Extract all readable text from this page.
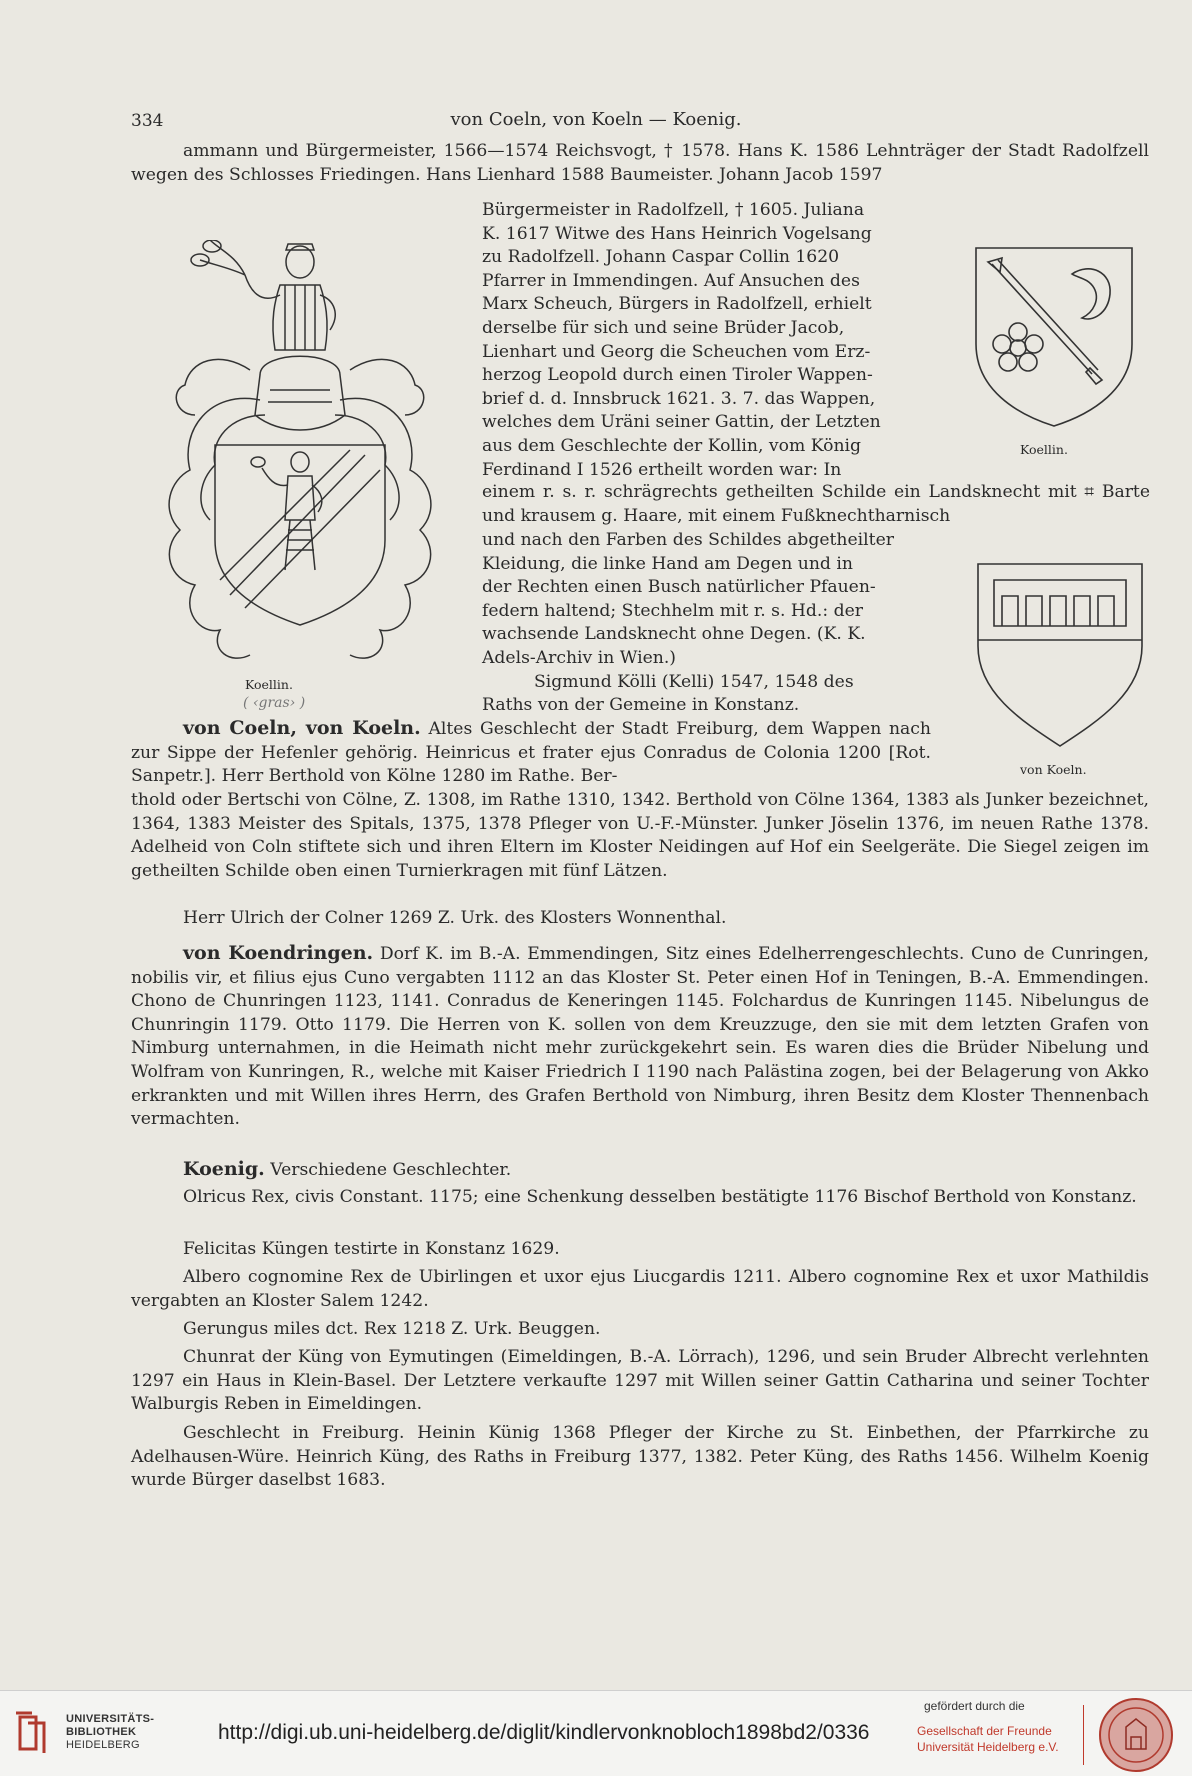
334	von Coeln, von Koeln — Koenig.
ammann und Bürgermeister, 1566—1574 Reichsvogt, † 1578. Hans K. 1586 Lehnträger der Stadt Radolfzell wegen des Schlosses Friedingen. Hans Lienhard 1588 Baumeister. Johann Jacob 1597
Koellin.
( ‹gras› )

Bürgermeister in Radolfzell, † 1605. Juliana

K. 1617 Witwe des Hans Heinrich Vogelsang

zu Radolfzell. Johann Caspar Collin 1620

Pfarrer in Immendingen. Auf Ansuchen des

Marx Scheuch, Bürgers in Radolfzell, erhielt

derselbe für sich und seine Brüder Jacob,

Lienhart und Georg die Scheuchen vom Erz-

herzog Leopold durch einen Tiroler Wappen-

brief d. d. Innsbruck 1621. 3. 7. das Wappen,

welches dem Uräni seiner Gattin, der Letzten

aus dem Geschlechte der Kollin, vom König

Ferdinand I 1526 ertheilt worden war: In

Koellin.
einem r. s. r. schrägrechts getheilten Schilde ein Landsknecht mit ⌗ Barte und krausem g. Haare, mit einem Fußknechtharnisch

und nach den Farben des Schildes abgetheilter

Kleidung, die linke Hand am Degen und in

der Rechten einen Busch natürlicher Pfauen-

federn haltend; Stechhelm mit r. s. Hd.: der

wachsende Landsknecht ohne Degen. (K. K.

Adels-Archiv in Wien.)

Sigmund Kölli (Kelli) 1547, 1548 des

Raths von der Gemeine in Konstanz.

von Koeln.

von Coeln, von Koeln. Altes Geschlecht der Stadt Freiburg, dem Wappen nach zur Sippe der Hefenler gehörig. Heinricus et frater ejus Conradus de Colonia 1200 [Rot. Sanpetr.]. Herr Berthold von Kölne 1280 im Rathe. Ber-

thold oder Bertschi von Cölne, Z. 1308, im Rathe 1310, 1342. Berthold von Cölne 1364, 1383 als Junker bezeichnet, 1364, 1383 Meister des Spitals, 1375, 1378 Pfleger von U.-F.-Münster. Junker Jöselin 1376, im neuen Rathe 1378. Adelheid von Coln stiftete sich und ihren Eltern im Kloster Neidingen auf Hof ein Seelgeräte. Die Siegel zeigen im getheilten Schilde oben einen Turnierkragen mit fünf Lätzen.
Herr Ulrich der Colner 1269 Z. Urk. des Klosters Wonnenthal.

von Koendringen. Dorf K. im B.-A. Emmendingen, Sitz eines Edelherrengeschlechts. Cuno de Cunringen, nobilis vir, et filius ejus Cuno vergabten 1112 an das Kloster St. Peter einen Hof in Teningen, B.-A. Emmendingen. Chono de Chunringen 1123, 1141. Conradus de Keneringen 1145. Folchardus de Kunringen 1145. Nibelungus de Chunringin 1179. Otto 1179. Die Herren von K. sollen von dem Kreuzzuge, den sie mit dem letzten Grafen von Nimburg unternahmen, in die Heimath nicht mehr zurückgekehrt sein. Es waren dies die Brüder Nibelung und Wolfram von Kunringen, R., welche mit Kaiser Friedrich I 1190 nach Palästina zogen, bei der Belagerung von Akko erkrankten und mit Willen ihres Herrn, des Grafen Berthold von Nimburg, ihren Besitz dem Kloster Thennenbach vermachten.

Koenig. Verschiedene Geschlechter.

Olricus Rex, civis Constant. 1175; eine Schenkung desselben bestätigte 1176 Bischof Berthold von Konstanz.
Felicitas Küngen testirte in Konstanz 1629.
Albero cognomine Rex de Ubirlingen et uxor ejus Liucgardis 1211. Albero cognomine Rex et uxor Mathildis vergabten an Kloster Salem 1242.
Gerungus miles dct. Rex 1218 Z. Urk. Beuggen.
Chunrat der Küng von Eymutingen (Eimeldingen, B.-A. Lörrach), 1296, und sein Bruder Albrecht verlehnten 1297 ein Haus in Klein-Basel. Der Letztere verkaufte 1297 mit Willen seiner Gattin Catharina und seiner Tochter Walburgis Reben in Eimeldingen.
Geschlecht in Freiburg. Heinin Künig 1368 Pfleger der Kirche zu St. Einbethen, der Pfarrkirche zu Adelhausen-Würe. Heinrich Küng, des Raths in Freiburg 1377, 1382. Peter Küng, des Raths 1456. Wilhelm Koenig wurde Bürger daselbst 1683.
UNIVERSITÄTS-
BIBLIOTHEK
HEIDELBERG
http://digi.ub.uni-heidelberg.de/diglit/kindlervonknobloch1898bd2/0336
gefördert durch die
Gesellschaft der Freunde
Universität Heidelberg e.V.
